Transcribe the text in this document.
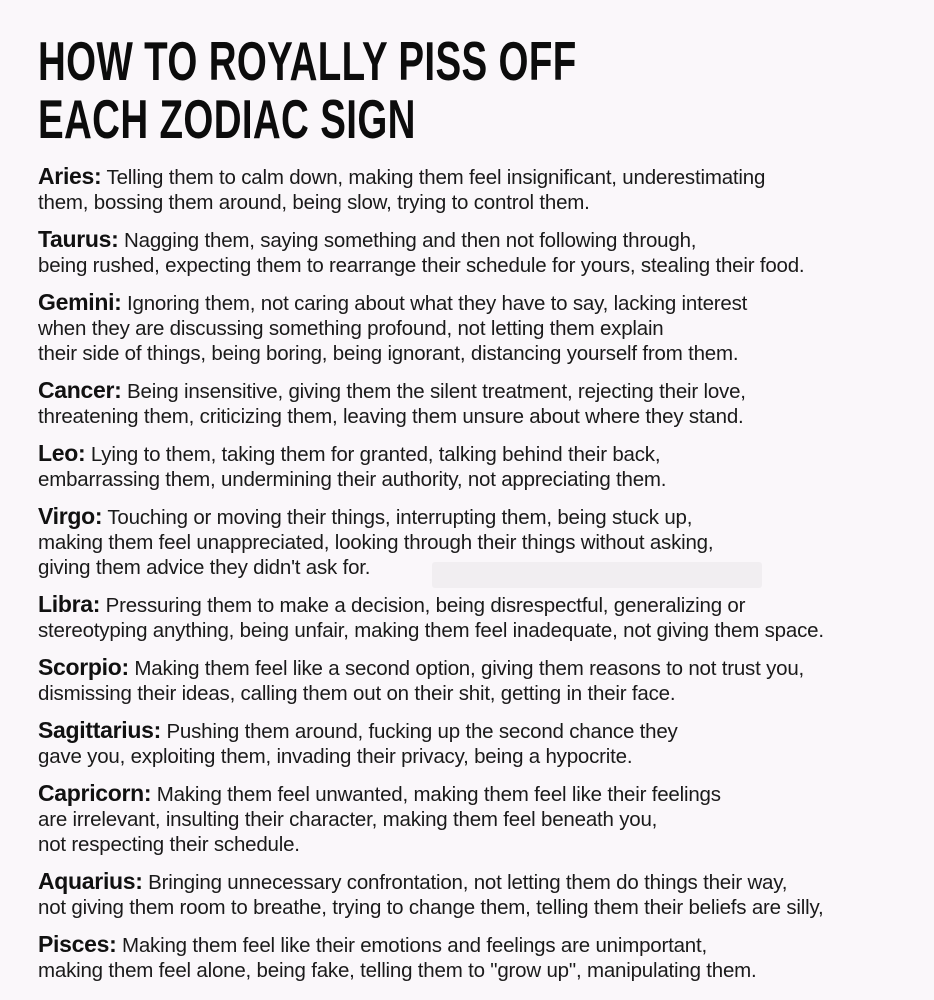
HOW TO ROYALLY PISS OFF
EACH ZODIAC SIGN

Aries: Telling them to calm down, making them feel insignificant, underestimating
them, bossing them around, being slow, trying to control them.

Taurus: Nagging them, saying something and then not following through,
being rushed, expecting them to rearrange their schedule for yours, stealing their food.

Gemini: Ignoring them, not caring about what they have to say, lacking interest
when they are discussing something profound, not letting them explain
their side of things, being boring, being ignorant, distancing yourself from them.

Cancer: Being insensitive, giving them the silent treatment, rejecting their love,
threatening them, criticizing them, leaving them unsure about where they stand.

Leo: Lying to them, taking them for granted, talking behind their back,
embarrassing them, undermining their authority, not appreciating them.

Virgo: Touching or moving their things, interrupting them, being stuck up,
making them feel unappreciated, looking through their things without asking,
giving them advice they didn't ask for.

Libra: Pressuring them to make a decision, being disrespectful, generalizing or
stereotyping anything, being unfair, making them feel inadequate, not giving them space.

Scorpio: Making them feel like a second option, giving them reasons to not trust you,
dismissing their ideas, calling them out on their shit, getting in their face.

Sagittarius: Pushing them around, fucking up the second chance they
gave you, exploiting them, invading their privacy, being a hypocrite.

Capricorn: Making them feel unwanted, making them feel like their feelings
are irrelevant, insulting their character, making them feel beneath you,
not respecting their schedule.

Aquarius: Bringing unnecessary confrontation, not letting them do things their way,
not giving them room to breathe, trying to change them, telling them their beliefs are silly,

Pisces: Making them feel like their emotions and feelings are unimportant,
making them feel alone, being fake, telling them to "grow up", manipulating them.
